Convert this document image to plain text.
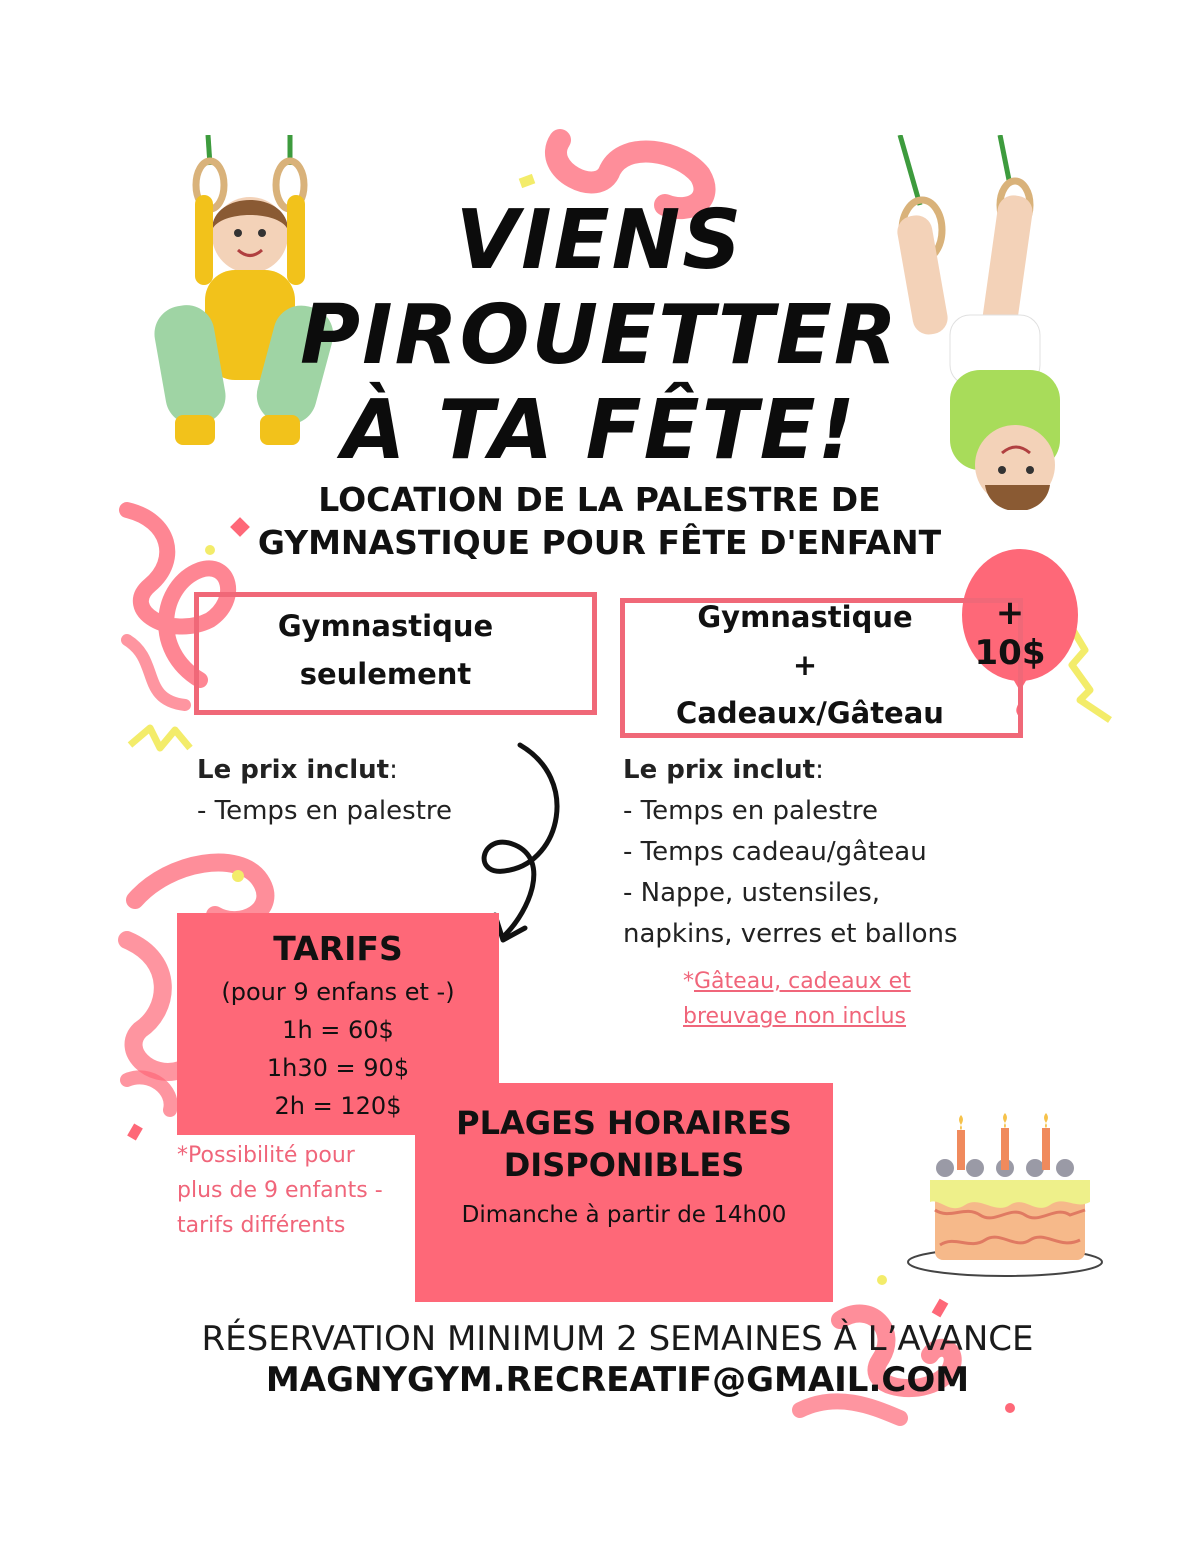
VIENS
PIROUETTER
À TA FÊTE!
LOCATION DE LA PALESTRE DE
GYMNASTIQUE POUR FÊTE D'ENFANT
Gymnastique
seulement
Gymnastique
+
Cadeaux/Gâteau
+ 10$
Le prix inclut:
- Temps en palestre
Le prix inclut:
- Temps en palestre
- Temps cadeau/gâteau
- Nappe, ustensiles,
napkins, verres et ballons
*Gâteau, cadeaux et
breuvage non inclus
TARIFS
(pour 9 enfans et -)
1h = 60$
1h30 = 90$
2h = 120$
*Possibilité pour
plus de 9 enfants -
tarifs différents
PLAGES HORAIRES
DISPONIBLES
Dimanche à partir de 14h00
RÉSERVATION MINIMUM 2 SEMAINES À L’AVANCE
MAGNYGYM.RECREATIF@GMAIL.COM
